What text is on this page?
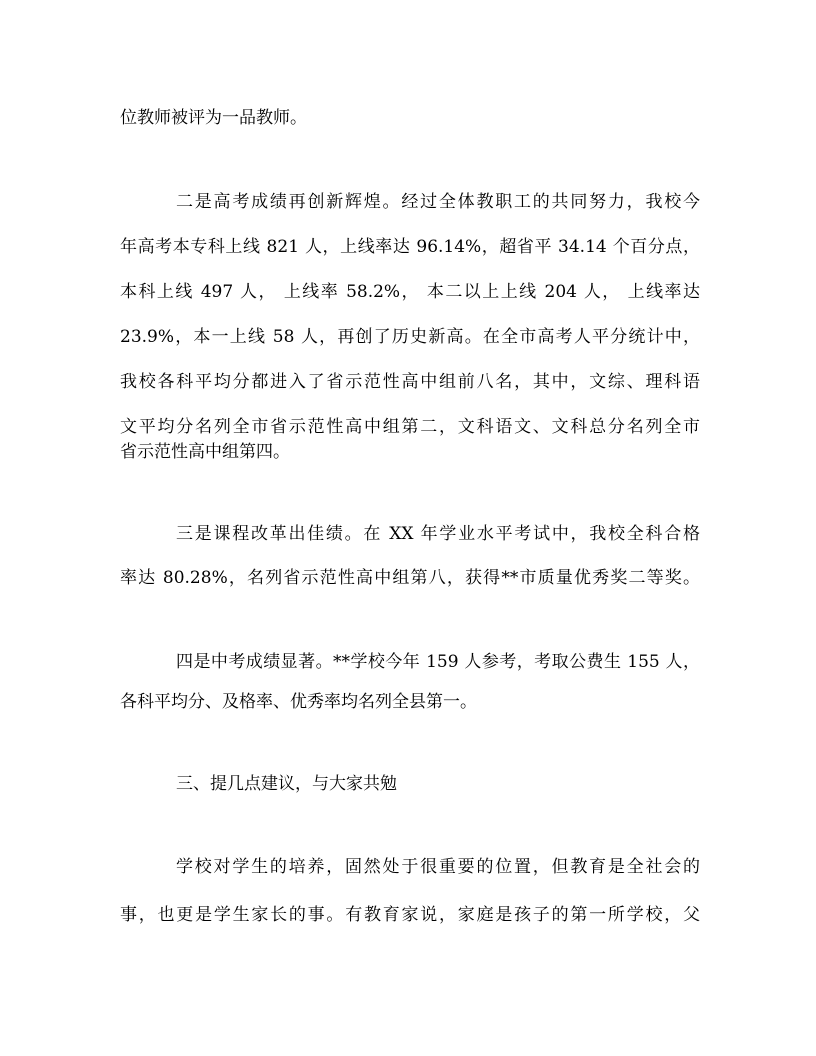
位教师被评为一品教师。
二是高考成绩再创新辉煌。经过全体教职工的共同努力，我校今
年高考本专科上线 821 人，上线率达 96.14%，超省平 34.14 个百分点，
本科上线 497 人， 上线率 58.2%， 本二以上上线 204 人， 上线率达
23.9%，本一上线 58 人，再创了历史新高。在全市高考人平分统计中，
我校各科平均分都进入了省示范性高中组前八名，其中，文综、理科语
文平均分名列全市省示范性高中组第二，文科语文、文科总分名列全市
省示范性高中组第四。
三是课程改革出佳绩。在 XX 年学业水平考试中，我校全科合格
率达 80.28%，名列省示范性高中组第八，获得**市质量优秀奖二等奖。
四是中考成绩显著。**学校今年 159 人参考，考取公费生 155 人，
各科平均分、及格率、优秀率均名列全县第一。
三、提几点建议，与大家共勉
学校对学生的培养，固然处于很重要的位置，但教育是全社会的
事，也更是学生家长的事。有教育家说，家庭是孩子的第一所学校，父
